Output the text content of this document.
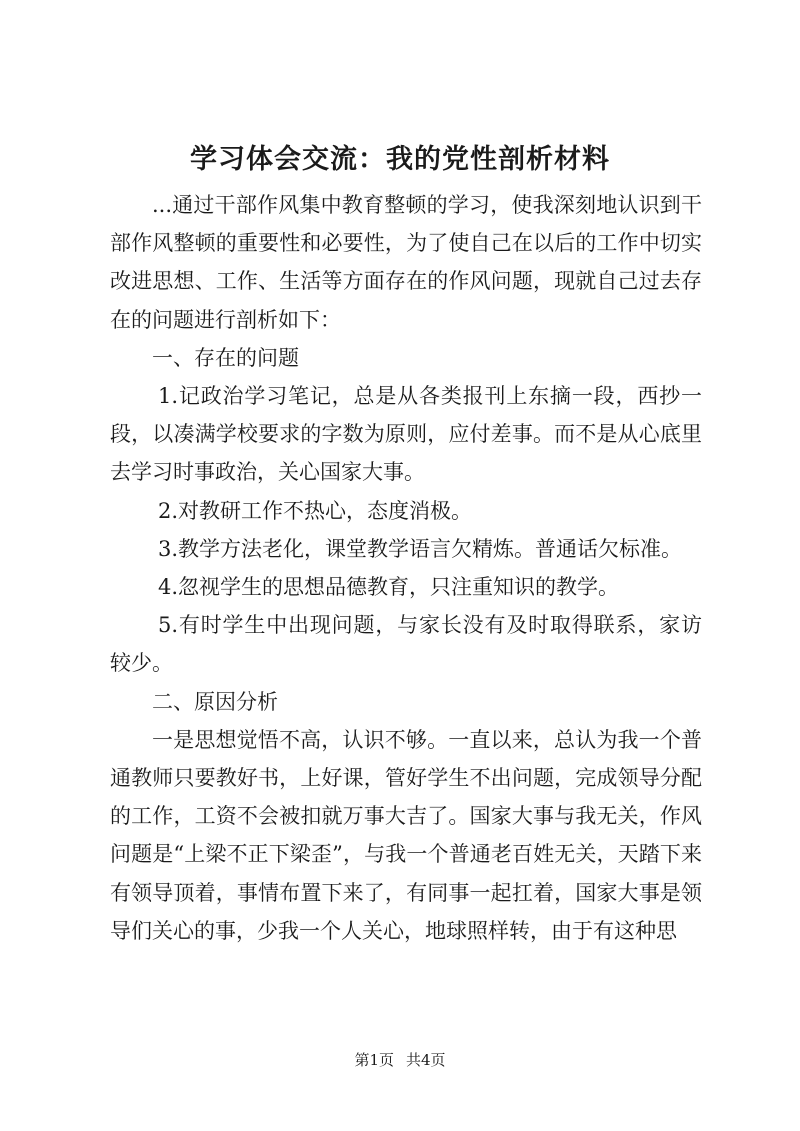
学习体会交流：我的党性剖析材料

...通过干部作风集中教育整顿的学习，使我深刻地认识到干部作风整顿的重要性和必要性，为了使自己在以后的工作中切实改进思想、工作、生活等方面存在的作风问题，现就自己过去存在的问题进行剖析如下：

一、存在的问题

1.记政治学习笔记，总是从各类报刊上东摘一段，西抄一段，以凑满学校要求的字数为原则，应付差事。而不是从心底里去学习时事政治，关心国家大事。

2.对教研工作不热心，态度消极。

3.教学方法老化，课堂教学语言欠精炼。普通话欠标准。

4.忽视学生的思想品德教育，只注重知识的教学。

5.有时学生中出现问题，与家长没有及时取得联系，家访较少。

二、原因分析

一是思想觉悟不高，认识不够。一直以来，总认为我一个普通教师只要教好书，上好课，管好学生不出问题，完成领导分配的工作，工资不会被扣就万事大吉了。国家大事与我无关，作风问题是“上梁不正下梁歪”，与我一个普通老百姓无关，天踏下来有领导顶着，事情布置下来了，有同事一起扛着，国家大事是领导们关心的事，少我一个人关心，地球照样转，由于有这种思

第1页 共4页
